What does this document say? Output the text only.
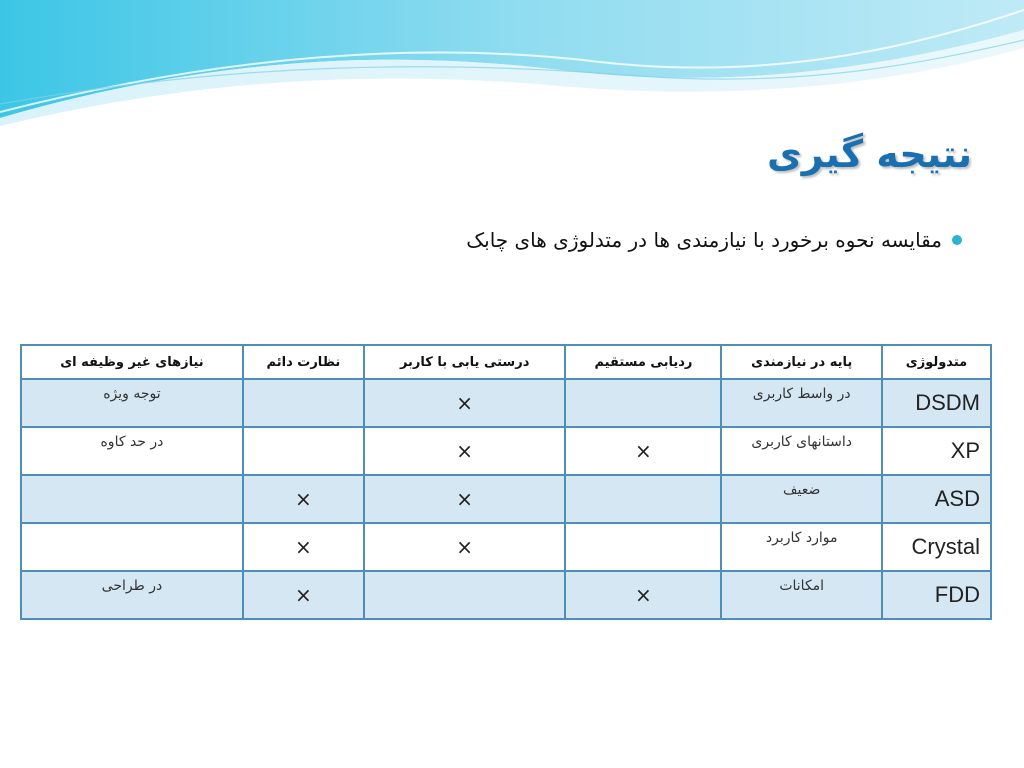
نتیجه گیری
مقایسه نحوه برخورد با نیازمندی ها در متدلوژی های چابک
متدولوژی	پایه در نیازمندی	ردیابی مستقیم	درستی یابی با کاربر	نظارت دائم	نیازهای غیر وظیفه ای
DSDM	در واسط کاربری		×		توجه ویژه
XP	داستانهای کاربری	×	×		در حد کاوه
ASD	ضعیف		×	×	
Crystal	موارد کاربرد		×	×	
FDD	امکانات	×		×	در طراحی
